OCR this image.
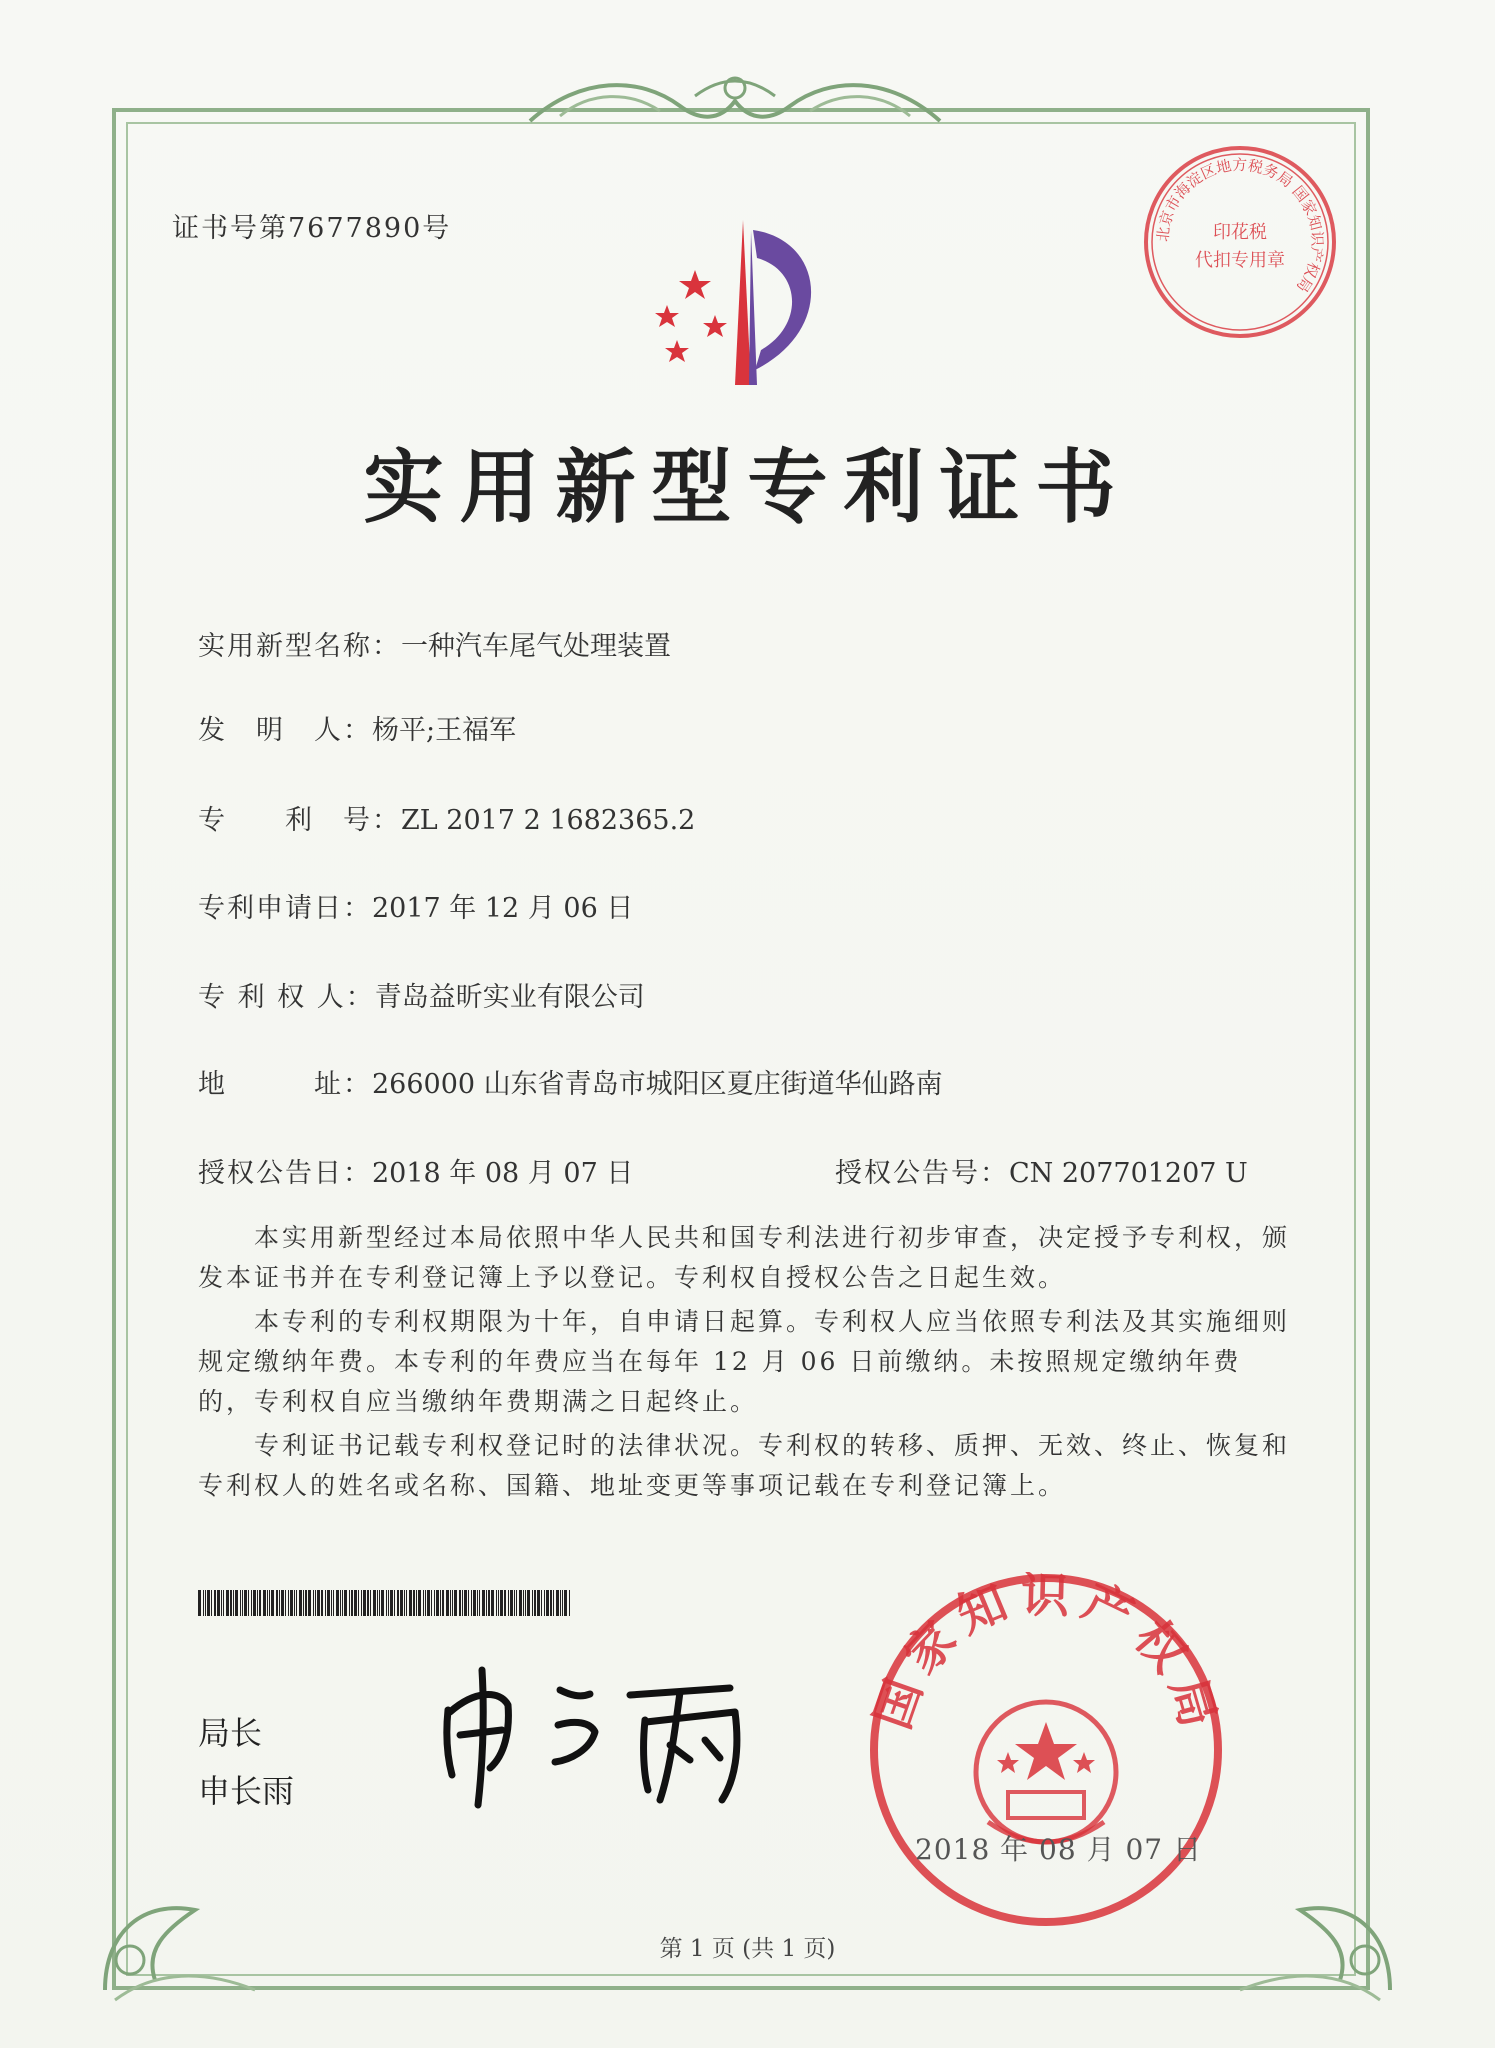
证书号第7677890号	北京市海淀区地方税务局 国家知识产权局
印花税
代扣专用章
实用新型专利证书
实用新型名称：一种汽车尾气处理装置
发　明　人：杨平;王福军
专　　利　号：ZL 2017 2 1682365.2
专利申请日：2017 年 12 月 06 日
专 利 权 人：青岛益昕实业有限公司
地　　　址：266000 山东省青岛市城阳区夏庄街道华仙路南
授权公告日：2018 年 08 月 07 日	授权公告号：CN 207701207 U
本实用新型经过本局依照中华人民共和国专利法进行初步审查，决定授予专利权，颁发本证书并在专利登记簿上予以登记。专利权自授权公告之日起生效。
本专利的专利权期限为十年，自申请日起算。专利权人应当依照专利法及其实施细则规定缴纳年费。本专利的年费应当在每年 12 月 06 日前缴纳。未按照规定缴纳年费的，专利权自应当缴纳年费期满之日起终止。
专利证书记载专利权登记时的法律状况。专利权的转移、质押、无效、终止、恢复和专利权人的姓名或名称、国籍、地址变更等事项记载在专利登记簿上。
局长
申长雨
国家知识产权局
2018 年 08 月 07 日
第 1 页 (共 1 页)
